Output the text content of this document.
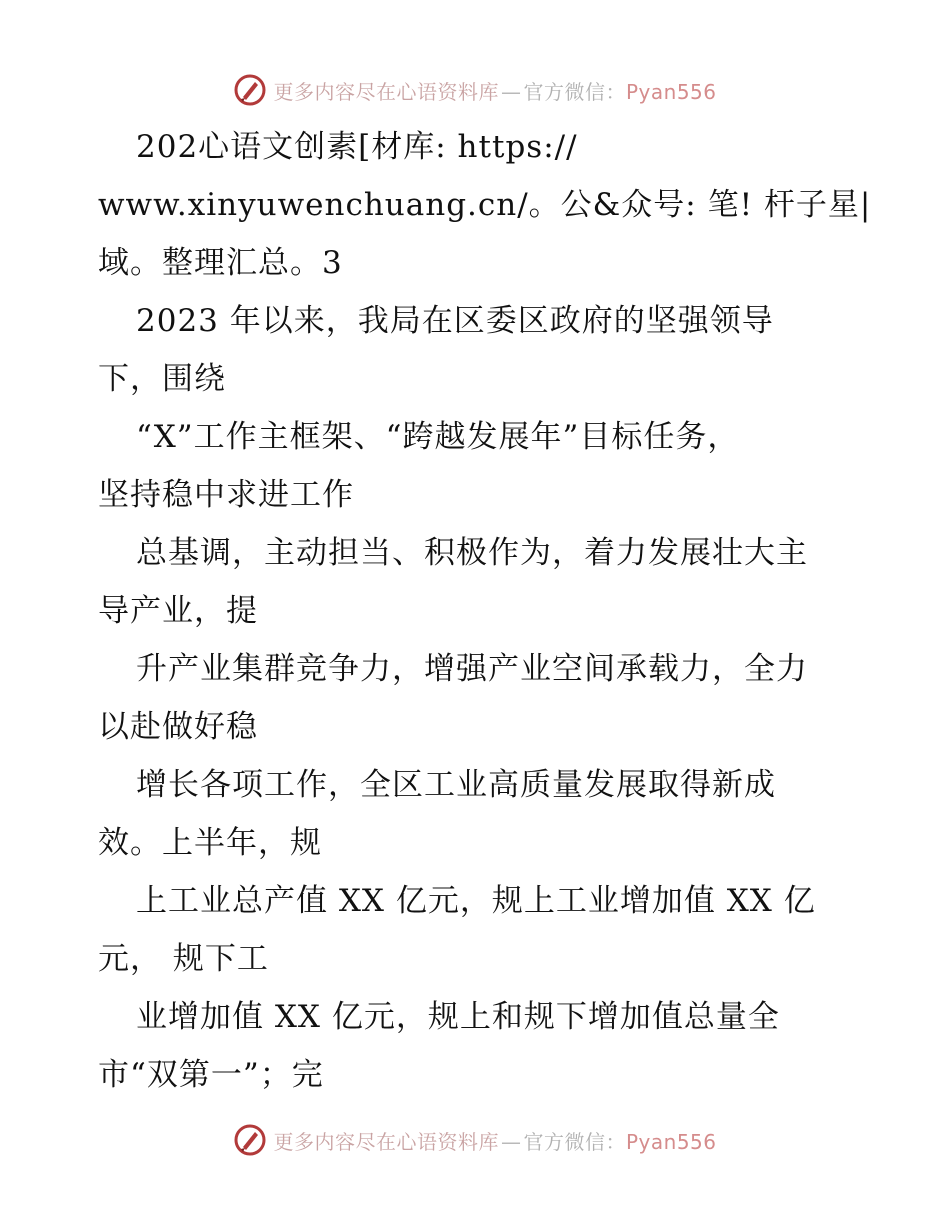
更多内容尽在心语资料库 — 官方微信：Pyan556
202心语文创素[材库: https://
www.xinyuwenchuang.cn/。公&众号: 笔! 杆子星|
域。整理汇总。3
2023 年以来，我局在区委区政府的坚强领导
下，围绕
“X”工作主框架、“跨越发展年”目标任务，
坚持稳中求进工作
总基调，主动担当、积极作为，着力发展壮大主
导产业，提
升产业集群竞争力，增强产业空间承载力，全力
以赴做好稳
增长各项工作，全区工业高质量发展取得新成
效。上半年，规
上工业总产值 XX 亿元，规上工业增加值 XX 亿
元， 规下工
业增加值 XX 亿元，规上和规下增加值总量全
市“双第一”；完
更多内容尽在心语资料库 — 官方微信：Pyan556
